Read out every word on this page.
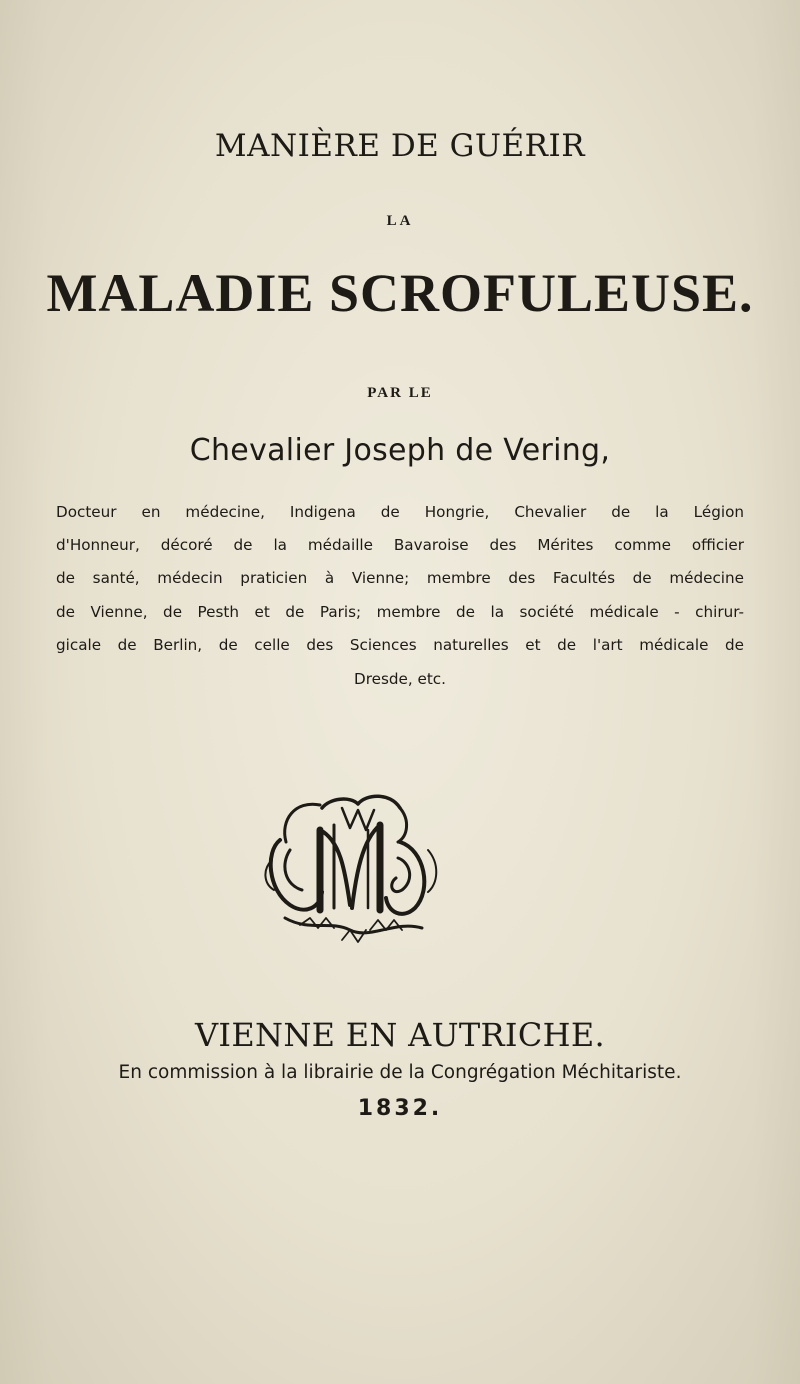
MANIÈRE DE GUÉRIR
LA
MALADIE SCROFULEUSE.
PAR LE
Chevalier Joseph de Vering,
Docteur en médecine, Indigena de Hongrie, Chevalier de la Légion
d'Honneur, décoré de la médaille Bavaroise des Mérites comme officier
de santé, médecin praticien à Vienne; membre des Facultés de médecine
de Vienne, de Pesth et de Paris; membre de la société médicale - chirur-
gicale de Berlin, de celle des Sciences naturelles et de l'art médicale de
Dresde, etc.
VIENNE EN AUTRICHE.
En commission à la librairie de la Congrégation Méchitariste.
1832.
